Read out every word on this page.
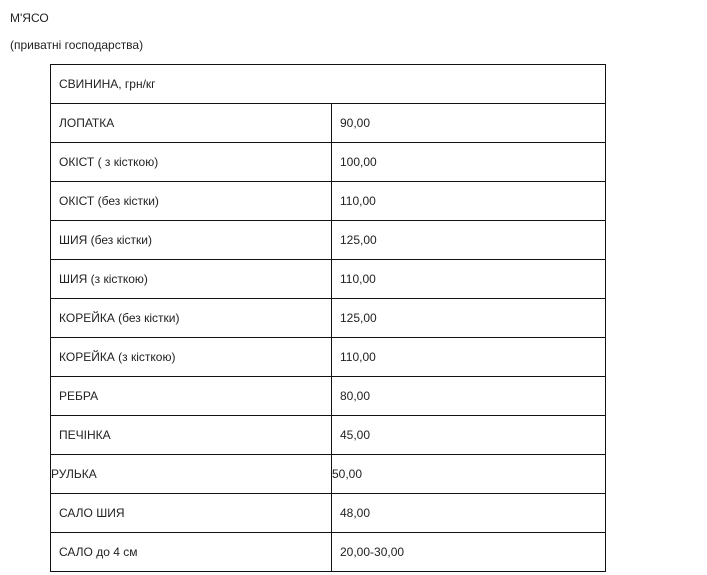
М'ЯСО
(приватні господарства)
СВИНИНА, грн/кг	
ЛОПАТКА	90,00
ОКІСТ ( з кісткою)	100,00
ОКІСТ (без кістки)	110,00
ШИЯ (без кістки)	125,00
ШИЯ (з кісткою)	110,00
КОРЕЙКА (без кістки)	125,00
КОРЕЙКА (з кісткою)	110,00
РЕБРА	80,00
ПЕЧІНКА	45,00
РУЛЬКА	50,00
САЛО ШИЯ	48,00
САЛО до 4 см	20,00-30,00
